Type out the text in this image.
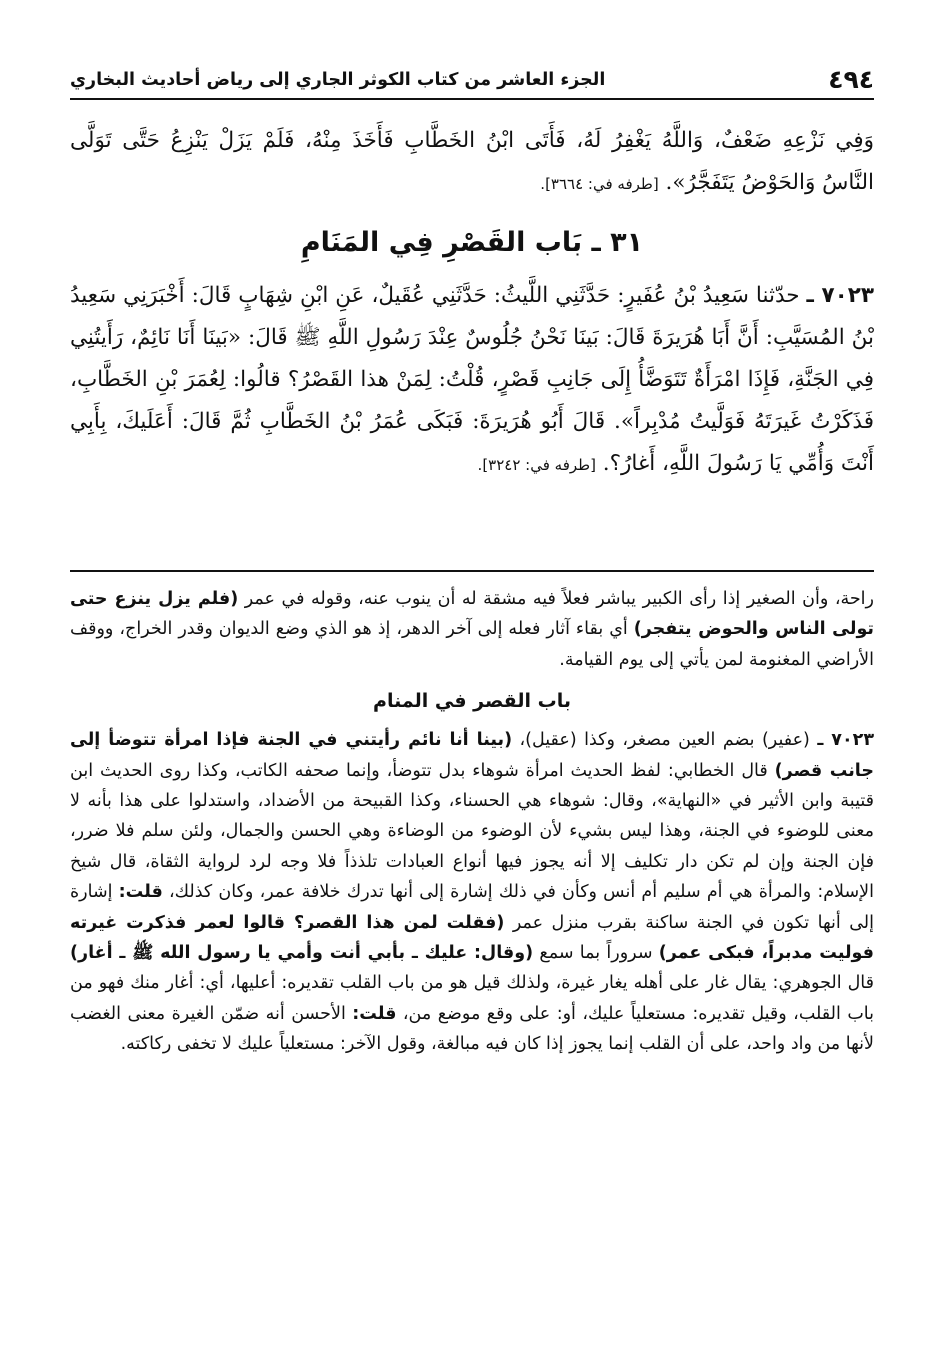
٤٩٤
الجزء العاشر من كتاب الكوثر الجاري إلى رياض أحاديث البخاري

وَفِي نَزْعِهِ ضَعْفٌ، وَاللَّهُ يَغْفِرُ لَهُ، فَأَتَى ابْنُ الخَطَّابِ فَأَخَذَ مِنْهُ، فَلَمْ يَزَلْ يَنْزِعُ حَتَّى تَوَلَّى النَّاسُ وَالحَوْضُ يَتَفَجَّرُ». [طرفه في: ٣٦٦٤].

٣١ ـ بَاب القَصْرِ فِي المَنَامِ

٧٠٢٣ ـ حدّثنا سَعِيدُ بْنُ عُفَيرٍ: حَدَّثَنِي اللَّيثُ: حَدَّثَنِي عُقَيلٌ، عَنِ ابْنِ شِهَابٍ قَالَ: أَخْبَرَنِي سَعِيدُ بْنُ المُسَيَّبِ: أَنَّ أَبَا هُرَيرَةَ قَالَ: بَينَا نَحْنُ جُلُوسٌ عِنْدَ رَسُولِ اللَّهِ ﷺ قَالَ: «بَينَا أَنَا نَائِمٌ، رَأَيتُنِي فِي الجَنَّةِ، فَإِذَا امْرَأَةٌ تَتَوَضَّأُ إِلَى جَانِبِ قَصْرٍ، قُلْتُ: لِمَنْ هذا القَصْرُ؟ قالُوا: لِعُمَرَ بْنِ الخَطَّابِ، فَذَكَرْتُ غَيرَتَهُ فَوَلَّيتُ مُدْبِراً». قَالَ أَبُو هُرَيرَةَ: فَبَكَى عُمَرُ بْنُ الخَطَّابِ ثُمَّ قَالَ: أَعَلَيكَ، بِأَبِي أَنْتَ وَأُمِّي يَا رَسُولَ اللَّهِ، أَغارُ؟. [طرفه في: ٣٢٤٢].

راحة، وأن الصغير إذا رأى الكبير يباشر فعلاً فيه مشقة له أن ينوب عنه، وقوله في عمر (فلم يزل ينزع حتى تولى الناس والحوض يتفجر) أي بقاء آثار فعله إلى آخر الدهر، إذ هو الذي وضع الديوان وقدر الخراج، ووقف الأراضي المغنومة لمن يأتي إلى يوم القيامة.

باب القصر في المنام

٧٠٢٣ ـ (عفير) بضم العين مصغر، وكذا (عقيل)، (بينا أنا نائم رأيتني في الجنة فإذا امرأة تتوضأ إلى جانب قصر) قال الخطابي: لفظ الحديث امرأة شوهاء بدل تتوضأ، وإنما صحفه الكاتب، وكذا روى الحديث ابن قتيبة وابن الأثير في «النهاية»، وقال: شوهاء هي الحسناء، وكذا القبيحة من الأضداد، واستدلوا على هذا بأنه لا معنى للوضوء في الجنة، وهذا ليس بشيء لأن الوضوء من الوضاءة وهي الحسن والجمال، ولئن سلم فلا ضرر، فإن الجنة وإن لم تكن دار تكليف إلا أنه يجوز فيها أنواع العبادات تلذذاً فلا وجه لرد لرواية الثقاة، قال شيخ الإسلام: والمرأة هي أم سليم أم أنس وكأن في ذلك إشارة إلى أنها تدرك خلافة عمر، وكان كذلك، قلت: إشارة إلى أنها تكون في الجنة ساكنة بقرب منزل عمر (فقلت لمن هذا القصر؟ قالوا لعمر فذكرت غيرته فوليت مدبراً، فبكى عمر) سروراً بما سمع (وقال: عليك ـ بأبي أنت وأمي يا رسول الله ﷺ ـ أغار) قال الجوهري: يقال غار على أهله يغار غيرة، ولذلك قيل هو من باب القلب تقديره: أعليها، أي: أغار منك فهو من باب القلب، وقيل تقديره: مستعلياً عليك، أو: على وقع موضع من، قلت: الأحسن أنه ضمّن الغيرة معنى الغضب لأنها من واد واحد، على أن القلب إنما يجوز إذا كان فيه مبالغة، وقول الآخر: مستعلياً عليك لا تخفى ركاكته.
